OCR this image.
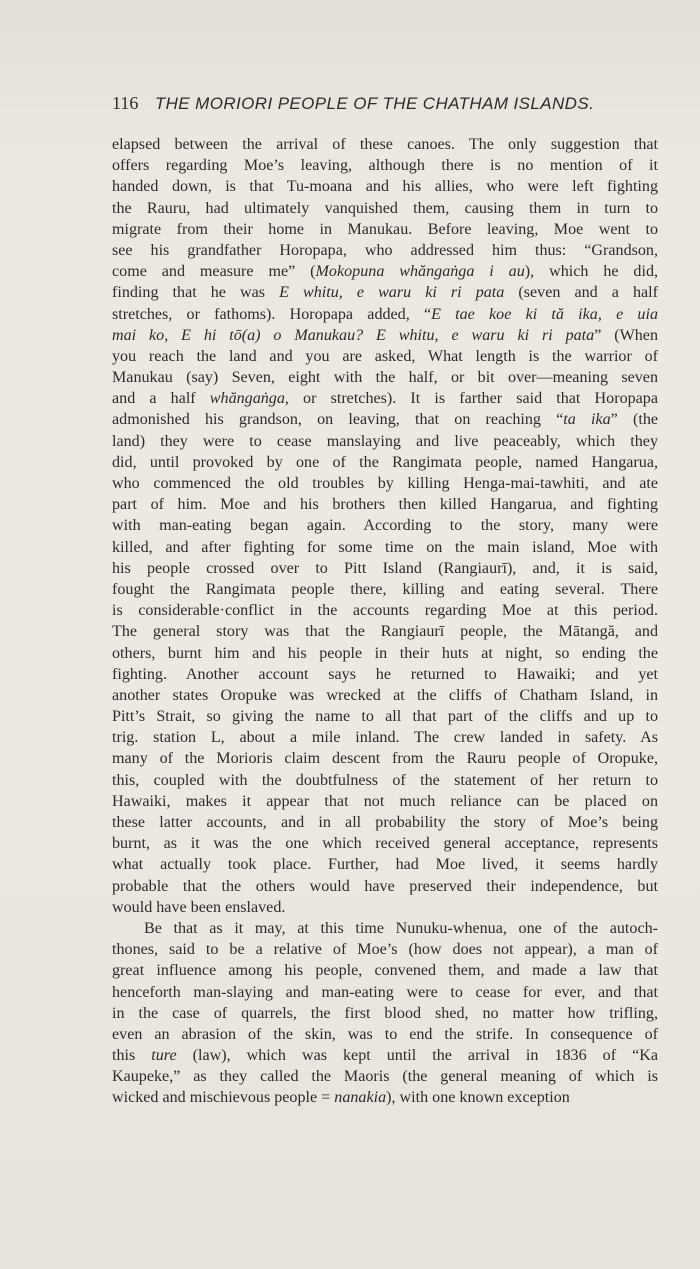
116 THE MORIORI PEOPLE OF THE CHATHAM ISLANDS.
elapsed between the arrival of these canoes. The only suggestion that
offers regarding Moe’s leaving, although there is no mention of it
handed down, is that Tu-moana and his allies, who were left fighting
the Rauru, had ultimately vanquished them, causing them in turn to
migrate from their home in Manukau. Before leaving, Moe went to
see his grandfather Horopapa, who addressed him thus: “Grandson,
come and measure me” (Mokopuna whăngaṅga i au), which he did,
finding that he was E whitu, e waru ki ri pata (seven and a half
stretches, or fathoms). Horopapa added, “E tae koe ki tă ika, e uia
mai ko, E hi tō(a) o Manukau? E whitu, e waru ki ri pata” (When
you reach the land and you are asked, What length is the warrior of
Manukau (say) Seven, eight with the half, or bit over—meaning seven
and a half whăngaṅga, or stretches). It is farther said that Horopapa
admonished his grandson, on leaving, that on reaching “ta ika” (the
land) they were to cease manslaying and live peaceably, which they
did, until provoked by one of the Rangimata people, named Hangarua,
who commenced the old troubles by killing Henga-mai-tawhiti, and ate
part of him. Moe and his brothers then killed Hangarua, and fighting
with man-eating began again. According to the story, many were
killed, and after fighting for some time on the main island, Moe with
his people crossed over to Pitt Island (Rangiaurī), and, it is said,
fought the Rangimata people there, killing and eating several. There
is considerable·conflict in the accounts regarding Moe at this period.
The general story was that the Rangiaurī people, the Mātangă, and
others, burnt him and his people in their huts at night, so ending the
fighting. Another account says he returned to Hawaiki; and yet
another states Oropuke was wrecked at the cliffs of Chatham Island, in
Pitt’s Strait, so giving the name to all that part of the cliffs and up to
trig. station L, about a mile inland. The crew landed in safety. As
many of the Morioris claim descent from the Rauru people of Oropuke,
this, coupled with the doubtfulness of the statement of her return to
Hawaiki, makes it appear that not much reliance can be placed on
these latter accounts, and in all probability the story of Moe’s being
burnt, as it was the one which received general acceptance, represents
what actually took place. Further, had Moe lived, it seems hardly
probable that the others would have preserved their independence, but
would have been enslaved.
Be that as it may, at this time Nunuku-whenua, one of the autoch-
thones, said to be a relative of Moe’s (how does not appear), a man of
great influence among his people, convened them, and made a law that
henceforth man-slaying and man-eating were to cease for ever, and that
in the case of quarrels, the first blood shed, no matter how trifling,
even an abrasion of the skin, was to end the strife. In consequence of
this ture (law), which was kept until the arrival in 1836 of “Ka
Kaupeke,” as they called the Maoris (the general meaning of which is
wicked and mischievous people = nanakia), with one known exception
